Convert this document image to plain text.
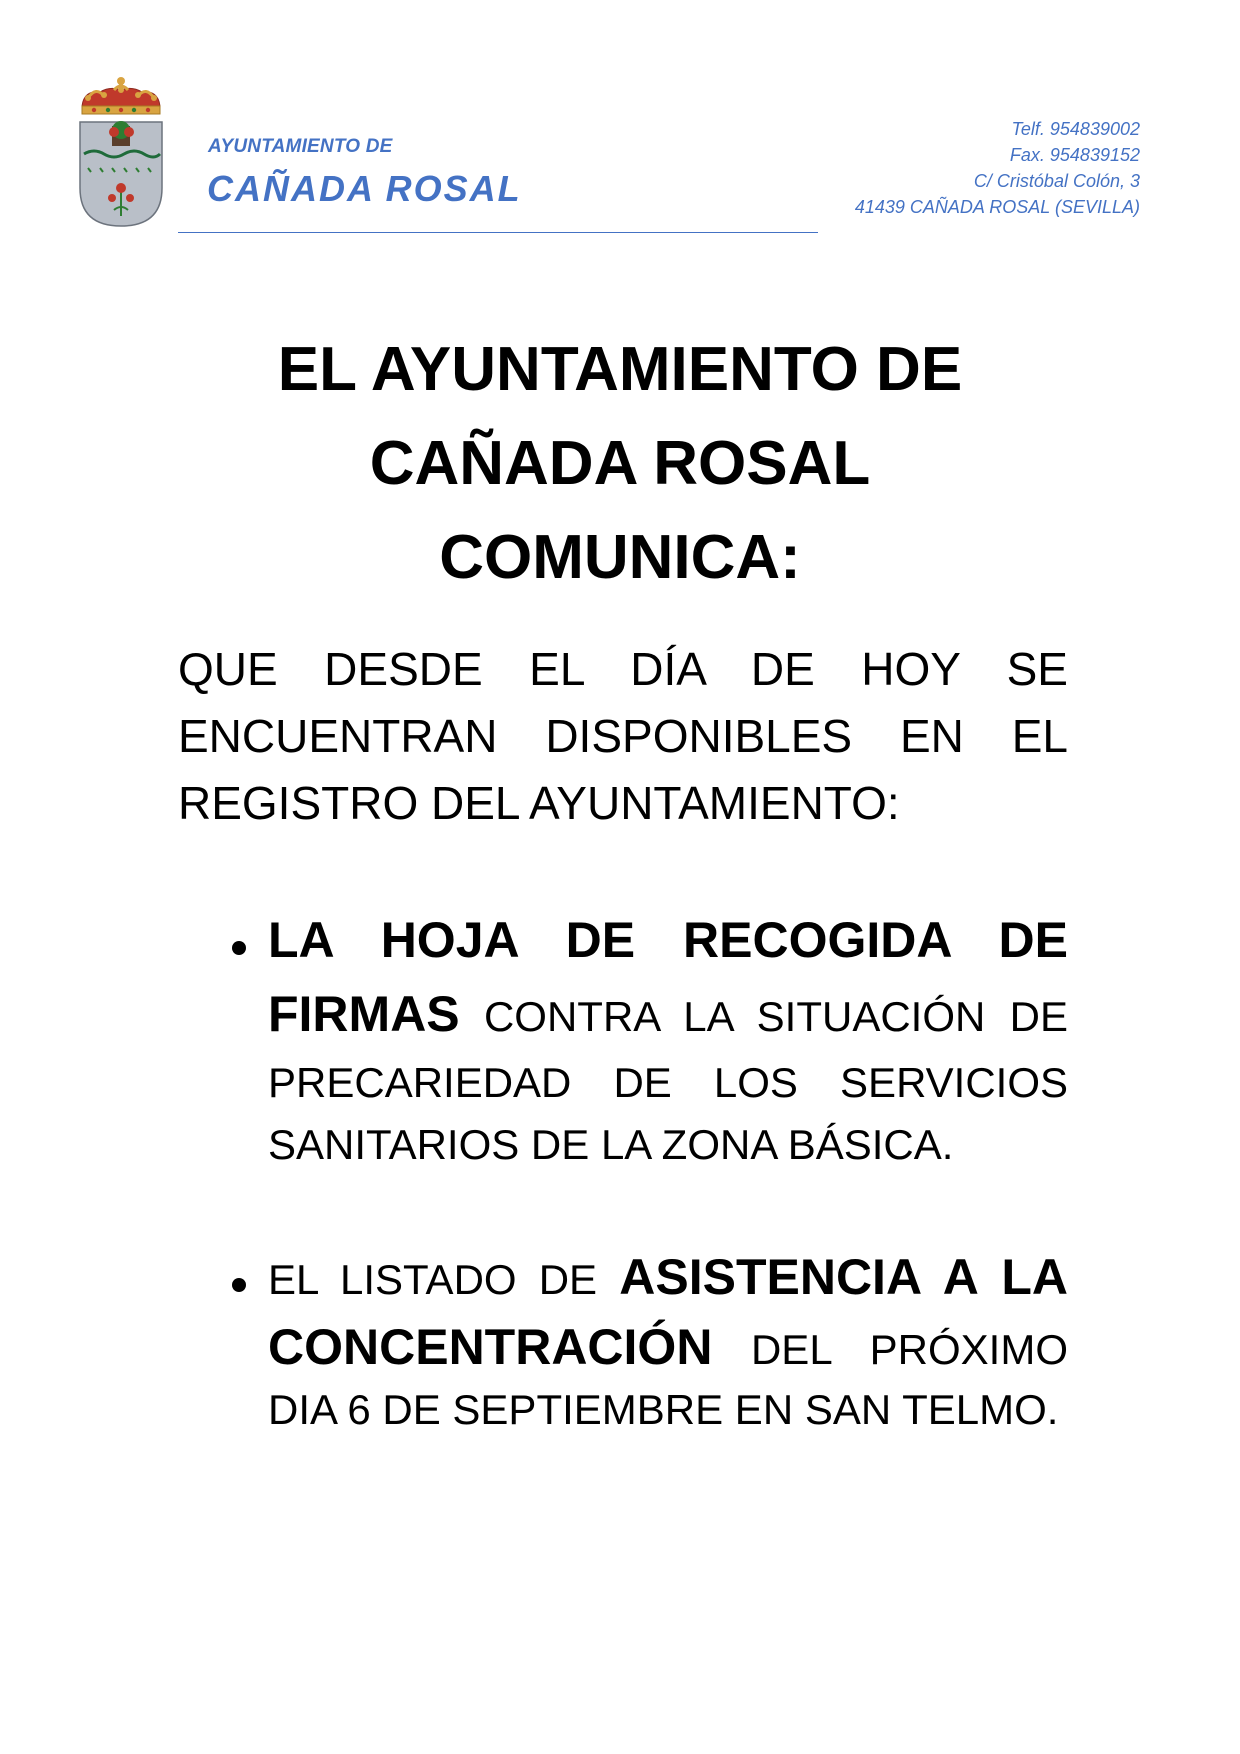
AYUNTAMIENTO DE
CAÑADA ROSAL
Telf. 954839002
Fax. 954839152
C/ Cristóbal Colón, 3
41439 CAÑADA ROSAL (SEVILLA)
EL AYUNTAMIENTO DE
CAÑADA ROSAL
COMUNICA:
QUE DESDE EL DÍA DE HOY SE
ENCUENTRAN DISPONIBLES EN EL
REGISTRO DEL AYUNTAMIENTO:
LA HOJA DE RECOGIDA DE
FIRMAS CONTRA LA SITUACIÓN DE
PRECARIEDAD DE LOS SERVICIOS
SANITARIOS DE LA ZONA BÁSICA.
EL LISTADO DE ASISTENCIA A LA
CONCENTRACIÓN DEL PRÓXIMO
DIA 6 DE SEPTIEMBRE EN SAN TELMO.
